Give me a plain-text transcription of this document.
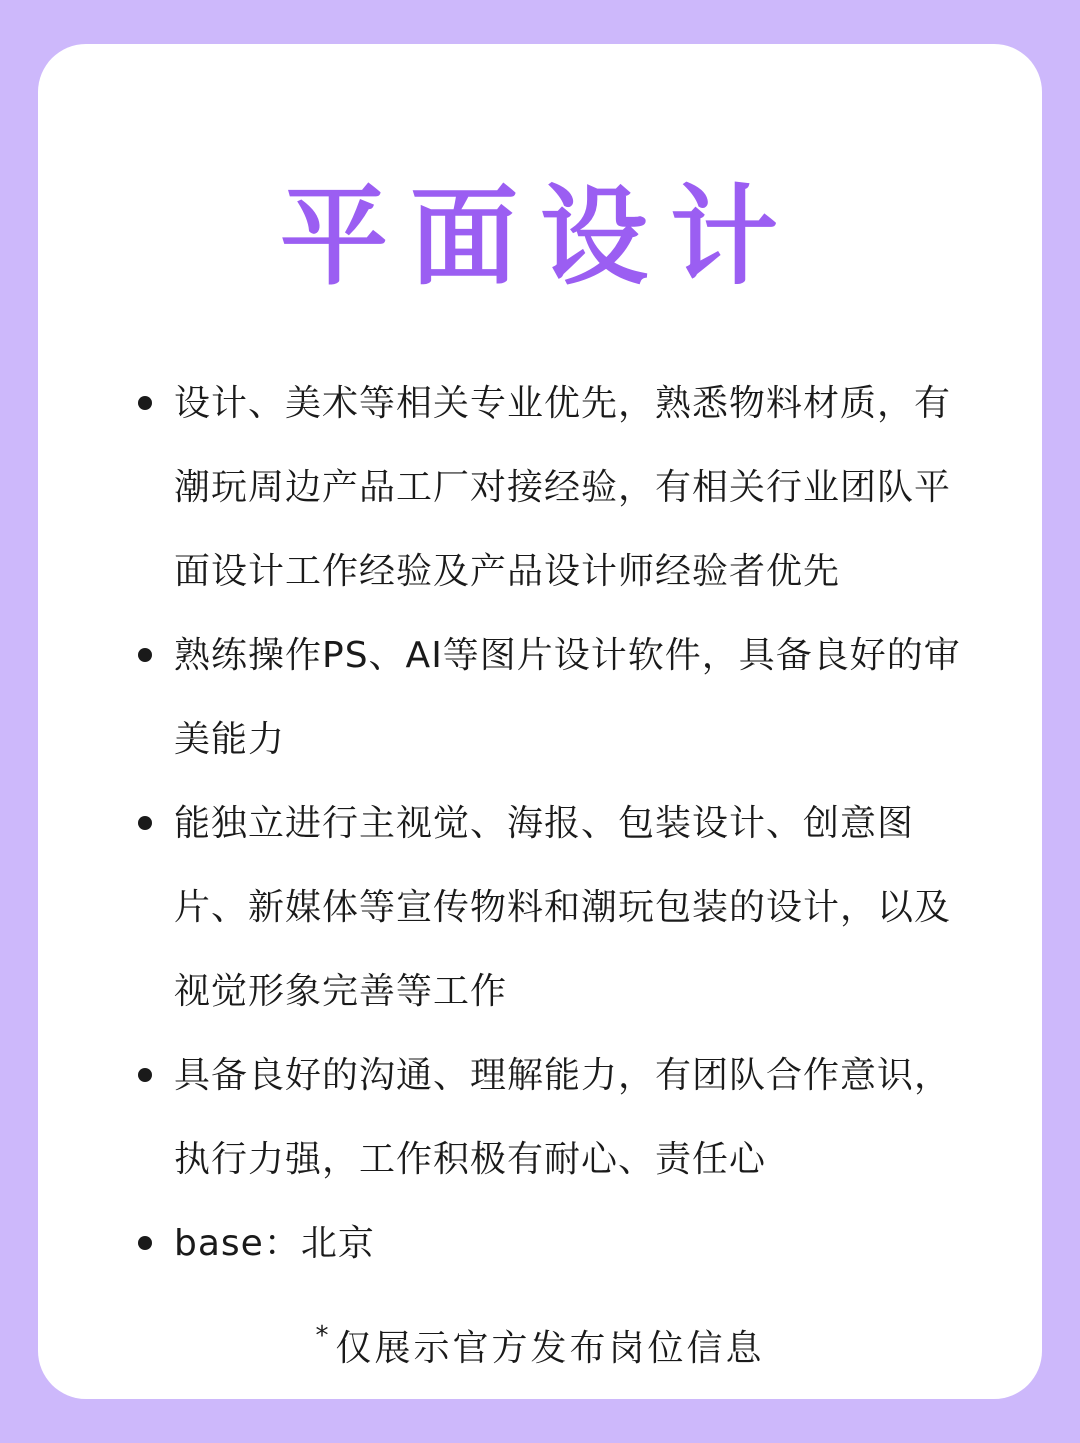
平面设计
设计、美术等相关专业优先，熟悉物料材质，有潮玩周边产品工厂对接经验，有相关行业团队平面设计工作经验及产品设计师经验者优先
熟练操作PS、AI等图片设计软件，具备良好的审美能力
能独立进行主视觉、海报、包装设计、创意图片、新媒体等宣传物料和潮玩包装的设计，以及视觉形象完善等工作
具备良好的沟通、理解能力，有团队合作意识，执行力强，工作积极有耐心、责任心
base：北京
* 仅展示官方发布岗位信息
